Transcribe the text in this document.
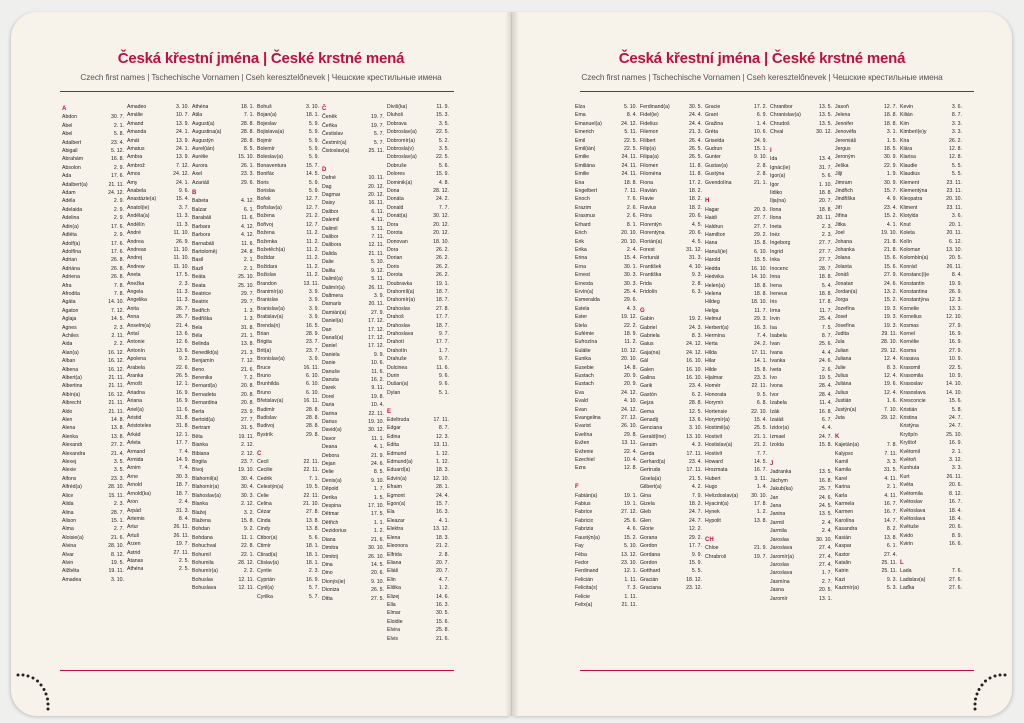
Česká křestní jména | České krstné mená
Czech first names | Tschechische Vornamen | Cseh keresztelőnevek | Чешские крестильные имена
A
Abdon	30. 7.
Ábel	2. 1.
Abel	5. 8.
Adalbert	23. 4.
Abigail	5. 12.
Abrahám	16. 8.
Absolon	2. 9.
Ada	17. 6.
Adalbert(a)	21. 11.
Adam	24. 12.
Adéla	2. 9.
Adelaida	2. 9.
Adelina	2. 9.
Adin(a)	17. 6.
Adléta	2. 9.
Adolf(a)	17. 6.
Adolfína	17. 6.
Adrian	26. 8.
Adriána	26. 8.
Adriena	26. 8.
Afra	7. 8.
Afrodita	7. 8.
Agáta	14. 10.
Agaton	7. 12.
Aglaja	14. 5.
Agnes	2. 3.
Achiles	2. 11.
Aida	2. 2.
Alan(a)	16. 12.
Alban	16. 12.
Albena	16. 12.
Albert(a)	21. 11.
Albertina	21. 11.
Albín(a)	16. 12.
Albrecht	21. 11.
Aldo	21. 11.
Alen	14. 8.
Alena	13. 8.
Alenka	13. 8.
Alexandr	27. 2.
Alexandra	21. 4.
Alexej	3. 5.
Alexie	3. 5.
Alfons	23. 3.
Alfréd(a)	28. 10.
Alice	15. 11.
Alida	2. 3.
Alina	28. 7.
Alison	15. 1.
Alma	2. 7.
Aloisie(a)	21. 6.
Alvina	28. 10.
Alvar	8. 12.
Alvin	19. 5.
Alžběta	19. 11.
Amadea	3. 10.
Amadeo	3. 10.
Amálie	10. 7.
Amand	13. 9.
Amanda	24. 1.
Amát	13. 9.
Amatus	24. 1.
Ambra	13. 9.
Ambrož	7. 12.
Amos	24. 12.
Amy	24. 1.
Anabela	9. 6.
Anastázie(a)	15. 4.
Anatol(ie)	3. 7.
Anděla(a)	11. 3.
Andělín	11. 3.
André	11. 10.
Andrea	26. 9.
Andreas	11. 10.
Andrej	11. 10.
Andrew	11. 10.
Aneta	17. 5.
Anežka	2. 3.
Angela	11. 3.
Angelika	11. 3.
Anita	26. 7.
Anna	26. 7.
Anselm(a)	21. 4.
Antal	13. 6.
Antonie	12. 6.
Antonín	13. 6.
Apolena	9. 2.
Arabela	22. 6.
Aranka	26. 5.
Arnošt	12. 1.
Ariadna	16. 9.
Ariana	16. 9.
Ariel(a)	11. 6.
Aristid	31. 8.
Aristoteles	31. 8.
Arkád	12. 1.
Arleta	17. 7.
Armand	7. 4.
Armida	14. 9.
Arnim	7. 4.
Arne	30. 3.
Arnold	18. 7.
Arnold(ka)	18. 7.
Aron	2. 4.
Arpád	31. 3.
Artemis	8. 4.
Artur	26. 11.
Artuš	26. 11.
Arzen	19. 7.
Astrid	27. 11.
Atanas	2. 5.
Athéna	2. 5.
Athéna	18. 1.
Atila	7. 1.
August(a)	28. 8.
Augustina(a)	28. 8.
Augustýn	28. 8.
Aurel(ián)	8. 5.
Aurélie	15. 10.
Aurora	26. 1.
Axel	23. 3.
Azariáš	29. 6.
B
Babeta	4. 12.
Balzar	6. 1.
Barabáš	11. 6.
Barbara	4. 12.
Barbora	4. 12.
Barnabáš	11. 6.
Bartoloměj	24. 8.
Basil	2. 1.
Bazil	2. 1.
Beáta	25. 10.
Beata	25. 10.
Beatrice	29. 7.
Beatrix	29. 7.
Bedřich	1. 3.
Bedřiška	1. 3.
Bela	31. 8.
Béla	21. 1.
Belinda	13. 8.
Benedikt(a)	21. 3.
Benjamín	7. 12.
Beno	21. 6.
Berenika	7. 2.
Bernard(a)	20. 8.
Bernadeta	20. 8.
Bernardina	20. 8.
Berta	23. 9.
Bertold(a)	27. 7.
Bertram	31. 5.
Běta	19. 11.
Bianka	2. 12.
Bibiana	2. 12.
Birgita	23. 7.
Bivoj	19. 10.
Blahomil(a)	30. 4.
Blahomír(a)	30. 4.
Blahoslav(a)	30. 3.
Blanka	2. 12.
Blažej	3. 2.
Blažena	15. 8.
Bohdan	9. 2.
Bohdana	11. 1.
Bohuchval	22. 8.
Bohumil	22. 1.
Bohumila	28. 12.
Bohumír(a)	2. 2.
Bohuslav	12. 11.
Bohuslava	12. 11.
Bohuš	3. 10.
Bojan(a)	18. 1.
Bojeslav	5. 9.
Bojislava(a)	5. 9.
Bojmír	5. 9.
Bolemír	5. 9.
Boleslav(a)	5. 9.
Bonaventura	15. 7.
Bonifác	14. 5.
Boris	5. 9.
Borislav	5. 9.
Bořek	12. 7.
Bořislav(a)	12. 7.
Božena	21. 2.
Bořivoj	12. 7.
Božena	11. 2.
Boženka	11. 2.
Božetěch(a)	11. 2.
Božidar	11. 2.
Božidara	11. 2.
Božislav	11. 2.
Brandon	13. 11.
Branimír(a)	3. 9.
Branislav	3. 9.
Branislav(a)	3. 9.
Bratislav(a)	3. 9.
Brenda(n)	16. 5.
Brian	28. 9.
Brigita	23. 7.
Brit(a)	23. 7.
Bronislav(a)	3. 9.
Bruce	16. 11.
Bruno	6. 10.
Brunhilda	6. 10.
Bruno	6. 10.
Břetislav(a)	16. 11.
Budimír	28. 8.
Budislav	28. 8.
Budivoj	28. 8.
Bystrík	29. 8.
C
Cecil	22. 11.
Cecilie	22. 11.
Cedrik	7. 1.
Celestýn(a)	19. 5.
Celie	22. 11.
Celina	21. 10.
Cézar	27. 8.
Cinda	13. 8.
Cindy	13. 8.
Ctibor(a)	5. 6.
Ctimír	18. 1.
Ctirad(a)	18. 1.
Ctislav(a)	18. 1.
Cyntie	2. 3.
Cyprián	16. 9.
Cyril(a)	5. 7.
Cyrilka	5. 7.
Č
Čeněk	19. 7.
Čeňka	19. 7.
Čestislav	5. 7.
Čestmír(a)	5. 7.
Čistoslav(a)	25. 11.
D
Dafné	10. 11.
Dag	20. 12.
Dagmar	20. 12.
Daisy	16. 11.
Dalibor	6. 11.
Dalemil	4. 11.
Dalimil	5. 11.
Dalibor	7. 11.
Dalibora	12. 11.
Dalida	21. 11.
Dalie	5. 10.
Dalila	9. 12.
Daliml(a)	5. 11.
Dalimír(a)	26. 11.
Daltmera	3. 9.
Damaris	20. 11.
Damián(a)	27. 9.
Daniel(a)	17. 12.
Dan	17. 12.
Današ(a)	17. 12.
Daniel	17. 12.
Daniela	9. 9.
Danie	10. 6.
Danuše	11. 6.
Danuta	16. 2.
Darek	9. 11.
Dorel	19. 8.
Daria	10. 4.
Darina	22. 11.
Darius	19. 10.
David(a)	30. 12.
Davor	11. 1.
Deana	4. 1.
Debora	21. 9.
Dejan	24. 6.
Delie	8. 5.
Denis(a)	9. 10.
Děpold	1. 7.
Derika	1. 5.
Despina	17. 10.
Dětmar	17. 5.
Dětřich	1. 1.
Dezidorius	1. 2.
Diana	21. 6.
Dimitra	30. 10.
Dimitrij	26. 10.
Dina	14. 5.
Dino	20. 6.
Dionýs(ie)	9. 10.
Dioniza	26. 5.
Ditta	27. 5.
Diviš(ka)	11. 9.
Dluhoš	15. 3.
Dobrava	3. 5.
Dobroslav(a)	22. 5.
Dobromír(a)	5. 2.
Dobrosla(v)	3. 5.
Dobroslav(a)	22. 5.
Dobruše	5. 6.
Dolores	15. 9.
Dominik(a)	4. 8.
Dona	28. 12.
Donáta	24. 2.
Donald	7. 7.
Donát(a)	30. 12.
Dora	20. 12.
Dorota	20. 12.
Donovan	18. 10.
Dora	26. 2.
Dorian	26. 2.
Doris	26. 2.
Dorota	26. 2.
Doubravka	19. 1.
Drahomíl(a)	18. 7.
Drahomír(a)	18. 7.
Drahoslav	27. 8.
Drahoš	17. 7.
Drahoslav	18. 7.
Drahoslava	9. 7.
Drahotí	17. 7.
Drahotín	1. 7.
Drahuše	9. 7.
Dulcinea	11. 6.
Durin	9. 6.
Dušan(a)	9. 6.
Dylan	5. 1.
E
Edeltruda	17. 11.
Edgar	8. 7.
Edina	12. 3.
Edita	13. 11.
Edmund	1. 12.
Edmund(a)	1. 12.
Eduard(a)	18. 3.
Edvín(a)	12. 10.
Efraim	28. 1.
Egmont	24. 4.
Egon(a)	15. 7.
Ela	16. 3.
Eleazar	4. 1.
Elektra	13. 12.
Elena	18. 3.
Eleonora	21. 2.
Elfrida	2. 8.
Eliana	20. 7.
Eliáš	20. 7.
Elin	4. 7.
Eliška	1. 2.
Elizej	14. 6.
Ella	16. 3.
Elmar	30. 5.
Eloidie	15. 6.
Elvira	25. 8.
Elvis	21. 6.
Česká křestní jména | České krstné mená
Czech first names | Tschechische Vornamen | Cseh keresztelőnevek | Чешские крестильные имена
Elza	5. 10.
Ema	8. 4.
Emanuel(a)	24. 12.
Emerich	5. 11.
Emil	22. 5.
Emil(ián)	22. 5.
Emilie	24. 11.
Emiliána	24. 11.
Emilie	24. 11.
Ena	18. 8.
Engelbert	7. 11.
Enoch	7. 6.
Erazim	2. 6.
Erasmus	2. 6.
Erhard	8. 1.
Erich	20. 10.
Erik	20. 10.
Erika	2. 4.
Erina	15. 4.
Erna	30. 1.
Ernest	30. 3.
Ernesta	30. 3.
Ervín(a)	25. 4.
Esmeralda	29. 6.
Estela	4. 3.
Ester	19. 12.
Etela	22. 2.
Eufémie	18. 9.
Eufrozína	11. 2.
Eulálie	10. 12.
Eunika	20. 10.
Eusebie	14. 8.
Eustach	20. 9.
Eustach	20. 9.
Eva	24. 12.
Evald	4. 10.
Evan	24. 12.
Evangelina	27. 12.
Evarist	26. 10.
Evelína	29. 8.
Evžen	13. 11.
Evženie	22. 4.
Ezechiel	10. 4.
Ezra	12. 8.
F
Fabián(a)	19. 1.
Fabius	19. 1.
Fabrice	27. 12.
Fabricio	25. 6.
Fabrizia	4. 6.
Faustýn(a)	15. 2.
Fay	5. 10.
Féba	13. 12.
Fedor	23. 10.
Ferdinand	12. 1.
Felicián	1. 11.
Felicita(s)	7. 3.
Felicie	1. 11.
Felix(a)	21. 11.
Ferdinand(a)	30. 5.
Fidel(ie)	24. 4.
Fidelius	24. 4.
Filemon	21. 3.
Filibert	26. 4.
Filip(a)	26. 5.
Filipa(a)	26. 5.
Filomen	11. 8.
Filoména	11. 8.
Fiona	17. 2.
Flavián	18. 2.
Flavie	18. 2.
Flavius	18. 2.
Flóra	20. 6.
Florentýn	4. 5.
Florentýna	20. 6.
Florián(a)	4. 5.
Forest	31. 12.
Fortunát	31. 3.
František	4. 10.
Františka	9. 3.
Frida	2. 8.
Fridolín	6. 3.
G
Gabin	19. 2.
Gabriel	24. 3.
Gabriela	8. 3.
Gaius	24. 12.
Gaja(na)	24. 12.
Gál	16. 10.
Galen	16. 10.
Galina	16. 10.
Garik	23. 4.
Gastón	6. 2.
Gejza	28. 8.
Gema	12. 5.
Genadij	13. 6.
Genciana	3. 10.
Gerald(ine)	13. 10.
Geraim	4. 3.
Gerda	17. 11.
Gerhard(a)	23. 4.
Gertruda	17. 11.
Gisela(a)	21. 5.
Gilbert(a)	4. 2.
Gina	7. 9.
Gizela	18. 2.
Gleb	24. 7.
Glen	24. 7.
Glorie	12. 2.
Gorana	29. 2.
Gordon	17. 7.
Gordana	9. 9.
Gordon	15. 9.
Gotthard	5. 5.
Gracián	18. 12.
Graciana	23. 12.
Gracie	17. 2.
Grant	6. 9.
Gražina	1. 4.
Gréta	10. 6.
Griselda	24. 9.
Gudrun	15. 1.
Gunter	9. 10.
Gustav(a)	2. 8.
Gustýna	2. 8.
Gvendolína	21. 1.
H
Hagar	20. 3.
Haidi	27. 7.
Haldrun	27. 7.
Hamilton	29. 2.
Hana	15. 8.
Hanuš(ie)	6. 10.
Harold	15. 5.
Hedda	16. 10.
Hedvika	14. 10.
Helen(a)	18. 8.
Helena	18. 8.
Hildeg	18. 10.
Helga	11. 7.
Helmut	29. 3.
Herbert(a)	16. 3.
Hermína	7. 4.
Herta	24. 2.
Hilda	17. 11.
Hilar	14. 1.
Hilde	15. 8.
Hjalmar	23. 3.
Homér	22. 11.
Honorata	9. 5.
Horymír	6. 8.
Hortensie	22. 10.
Horymír(a)	15. 4.
Hostimil(a)	25. 5.
Hostivít	21. 1.
Hostislav(a)	21. 2.
Hostivít	7. 7.
Howard	14. 5.
Hrozmata	16. 7.
Hubert	3. 11.
Hugo	1. 4.
Hvězdoslav(a)	30. 10.
Hyacint(a)	17. 8.
Hynek	1. 2.
Hypolit	13. 8.
CH
Chloe	21. 9.
Chrabroš	19. 7.
Chranibor	13. 5.
Chranislav(a)	13. 5.
Chrudoš	13. 5.
Chval	30. 12.
I
Ida	13. 4.
Ignác(ie)	31. 7.
Igor(a)	5. 6.
Igor	1. 10.
Ildiko	18. 8.
Ilja(na)	20. 7.
Ilona	18. 8.
Ilona	20. 11.
Ineta	2. 3.
Inéz	2. 3.
Ingeborg	27. 7.
Ingrid	27. 7.
Inka	27. 7.
Inocenc	28. 7.
Inna	18. 8.
Irena	5. 4.
Ireneus	18. 8.
Iris	17. 8.
Irma	11. 7.
Irvin	25. 4.
Isa	7. 5.
Isabela	8. 7.
Ivan	25. 6.
Ivana	4. 4.
Ivanka	24. 6.
Iveta	2. 6.
Ivo	19. 5.
Ivona	28. 4.
Ivor	28. 4.
Izabela	11. 4.
Izák	16. 8.
Izaiáš	6. 7.
Izidor(a)	4. 4.
Izmael	24. 7.
Izolda	15. 8.
J
Jadranka	13. 5.
Jáchym	16. 8.
Jakub(ka)	25. 7.
Jan	24. 6.
Jana	24. 5.
Janina	13. 5.
Jarmil	2. 4.
Jarmila	2. 4.
Jaroslav	30. 10.
Jaroslava	27. 4.
Jaromír(a)	27. 4.
Jaroslav	27. 4.
Jaroslava	1. 7.
Jasmína	2. 7.
Jasna	20. 5.
Jaromír	13. 1.
Jasoň	12. 7.
Jelena	18. 8.
Jennifer	18. 8.
Jenovéfa	3. 1.
Jeremiáš	1. 5.
Jergus	18. 5.
Jeroným	30. 9.
Ješka	22. 9.
Jiljí	1. 9.
Jimram	30. 9.
Jindřich	15. 7.
Jindřiška	4. 9.
Jiří	23. 4.
Jiřina	15. 2.
Jitka	4. 1.
Joel	19. 10.
Johana	21. 8.
Johanka	21. 8.
Jolana	15. 6.
Jolanta	15. 6.
Jonáš	27. 9.
Jonatan	24. 6.
Jordan(a)	13. 2.
Jorga	15. 2.
Jozefína	19. 3.
Josef	19. 3.
Josefína	19. 3.
Judita	29. 11.
Jula	28. 10.
Julian	29. 12.
Juliana	12. 4.
Julie	8. 3.
Julius	12. 4.
Juliána	19. 6.
Julius	12. 4.
Justián	1. 6.
Justýn(a)	7. 10.
Juta	29. 12.
K
Kajetán(a)	7. 8.
Kalypso	7. 11.
Kamil	3. 3.
Kamila	31. 5.
Karel	4. 11.
Karina	2. 1.
Karla	4. 11.
Karmela	16. 7.
Karmen	16. 7.
Karolína	14. 7.
Kasandra	8. 2.
Kasián	13. 8.
Kaspar	6. 1.
Kastor	27. 4.
Katalin	25. 11.
Katrin	25. 11.
Kazi	9. 3.
Kazimír(a)	5. 3.
Kevin	3. 6.
Kilián	8. 7.
Kim	3. 3.
Kimberl(e)y	3. 3.
Kira	26. 2.
Klára	12. 8.
Klarisa	12. 8.
Klaudie	5. 5.
Klaudius	5. 5.
Klement	23. 11.
Klementýna	23. 11.
Kleopatra	20. 10.
Kliment	23. 11.
Klotylda	3. 6.
Knut	20. 1.
Koleta	20. 11.
Kolín	6. 12.
Koloman	13. 10.
Kolombín(a)	20. 5.
Konrád	26. 11.
Konstanc(i)e	8. 4.
Konstantin	19. 9.
Konstantina	26. 9.
Konstantýna	12. 3.
Kornelie	13. 3.
Kornelius	12. 10.
Kosmas	27. 9.
Kornel	16. 9.
Kornélie	16. 9.
Kosma	27. 9.
Krasava	10. 9.
Krasomil	22. 5.
Krasomila	10. 9.
Krasoslav	14. 10.
Krasoslava	14. 10.
Kresconcie	15. 6.
Kristián	5. 8.
Kristina	24. 7.
Kristýna	24. 7.
Kryšpín	25. 10.
Kryštof	16. 9.
Květomil	2. 1.
Květoň	3. 12.
Kunhuta	3. 3.
Kurt	26. 11.
Květa	20. 6.
Květomila	8. 12.
Květoslav	16. 7.
Květoslava	18. 4.
Květoslava	18. 4.
Květuše	20. 6.
Kvido	8. 9.
Kvirin	16. 6.
L
Lada	7. 6.
Ladislav(a)	27. 6.
Laďka	27. 6.
